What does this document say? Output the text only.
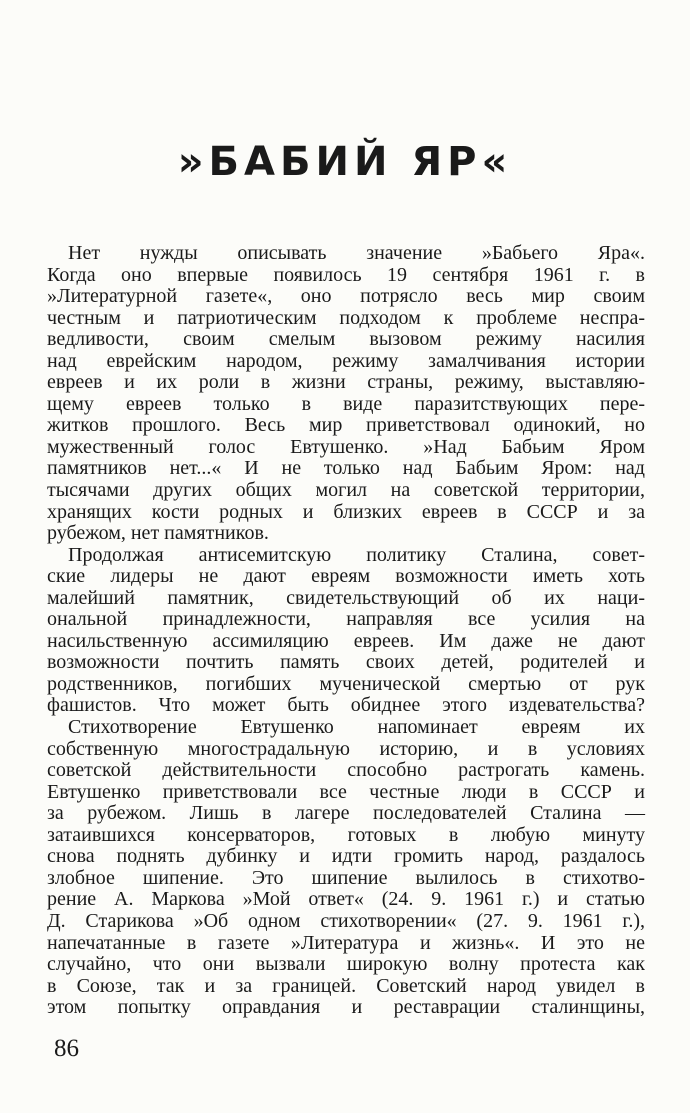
»БАБИЙ ЯР«
Нет нужды описывать значение »Бабьего Яра«.
Когда оно впервые появилось 19 сентября 1961 г. в
»Литературной газете«, оно потрясло весь мир своим
честным и патриотическим подходом к проблеме неспра-
ведливости, своим смелым вызовом режиму насилия
над еврейским народом, режиму замалчивания истории
евреев и их роли в жизни страны, режиму, выставляю-
щему евреев только в виде паразитствующих пере-
житков прошлого. Весь мир приветствовал одинокий, но
мужественный голос Евтушенко. »Над Бабьим Яром
памятников нет...« И не только над Бабьим Яром: над
тысячами других общих могил на советской территории,
хранящих кости родных и близких евреев в СССР и за
рубежом, нет памятников.
Продолжая антисемитскую политику Сталина, совет-
ские лидеры не дают евреям возможности иметь хоть
малейший памятник, свидетельствующий об их наци-
ональной принадлежности, направляя все усилия на
насильственную ассимиляцию евреев. Им даже не дают
возможности почтить память своих детей, родителей и
родственников, погибших мученической смертью от рук
фашистов. Что может быть обиднее этого издевательства?
Стихотворение Евтушенко напоминает евреям их
собственную многострадальную историю, и в условиях
советской действительности способно растрогать камень.
Евтушенко приветствовали все честные люди в СССР и
за рубежом. Лишь в лагере последователей Сталина —
затаившихся консерваторов, готовых в любую минуту
снова поднять дубинку и идти громить народ, раздалось
злобное шипение. Это шипение вылилось в стихотво-
рение А. Маркова »Мой ответ« (24. 9. 1961 г.) и статью
Д. Старикова »Об одном стихотворении« (27. 9. 1961 г.),
напечатанные в газете »Литература и жизнь«. И это не
случайно, что они вызвали широкую волну протеста как
в Союзе, так и за границей. Советский народ увидел в
этом попытку оправдания и реставрации сталинщины,
86
